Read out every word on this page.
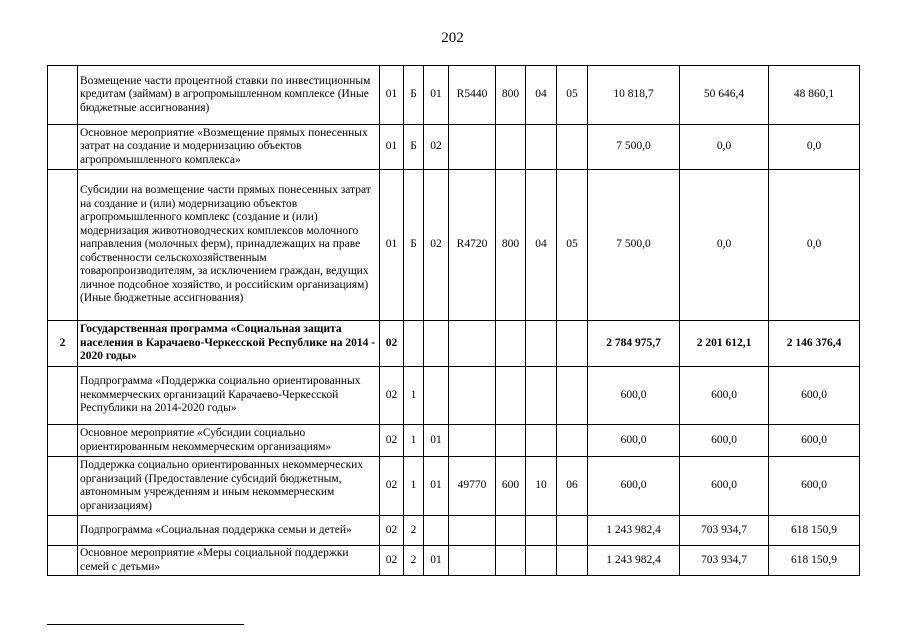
202
	Возмещение части процентной ставки по инвестиционным кредитам (займам) в агропромышленном комплексе (Иные бюджетные ассигнования)	01	Б	01	R5440	800	04	05	10 818,7	50 646,4	48 860,1
	Основное мероприятие «Возмещение прямых понесенных затрат на создание и модернизацию объектов агропромышленного комплекса»	01	Б	02					7 500,0	0,0	0,0
	Субсидии на возмещение части прямых понесенных затрат на создание и (или) модернизацию объектов агропромышленного комплекс (создание и (или) модернизация животноводческих комплексов молочного направления (молочных ферм), принадлежащих на праве собственности сельскохозяйственным товаропроизводителям, за исключением граждан, ведущих личное подсобное хозяйство, и российским организациям) (Иные бюджетные ассигнования)	01	Б	02	R4720	800	04	05	7 500,0	0,0	0,0
2	Государственная программа «Социальная защита населения в Карачаево-Черкесской Республике на 2014 - 2020 годы»	02							2 784 975,7	2 201 612,1	2 146 376,4
	Подпрограмма «Поддержка социально ориентированных некоммерческих организаций Карачаево-Черкесской Республики на 2014-2020 годы»	02	1						600,0	600,0	600,0
	Основное мероприятие «Субсидии социально ориентированным некоммерческим организациям»	02	1	01					600,0	600,0	600,0
	Поддержка социально ориентированных некоммерческих организаций (Предоставление субсидий бюджетным, автономным учреждениям и иным некоммерческим организациям)	02	1	01	49770	600	10	06	600,0	600,0	600,0
	Подпрограмма «Социальная поддержка семьи и детей»	02	2						1 243 982,4	703 934,7	618 150,9
	Основное мероприятие «Меры социальной поддержки семей с детьми»	02	2	01					1 243 982,4	703 934,7	618 150,9
